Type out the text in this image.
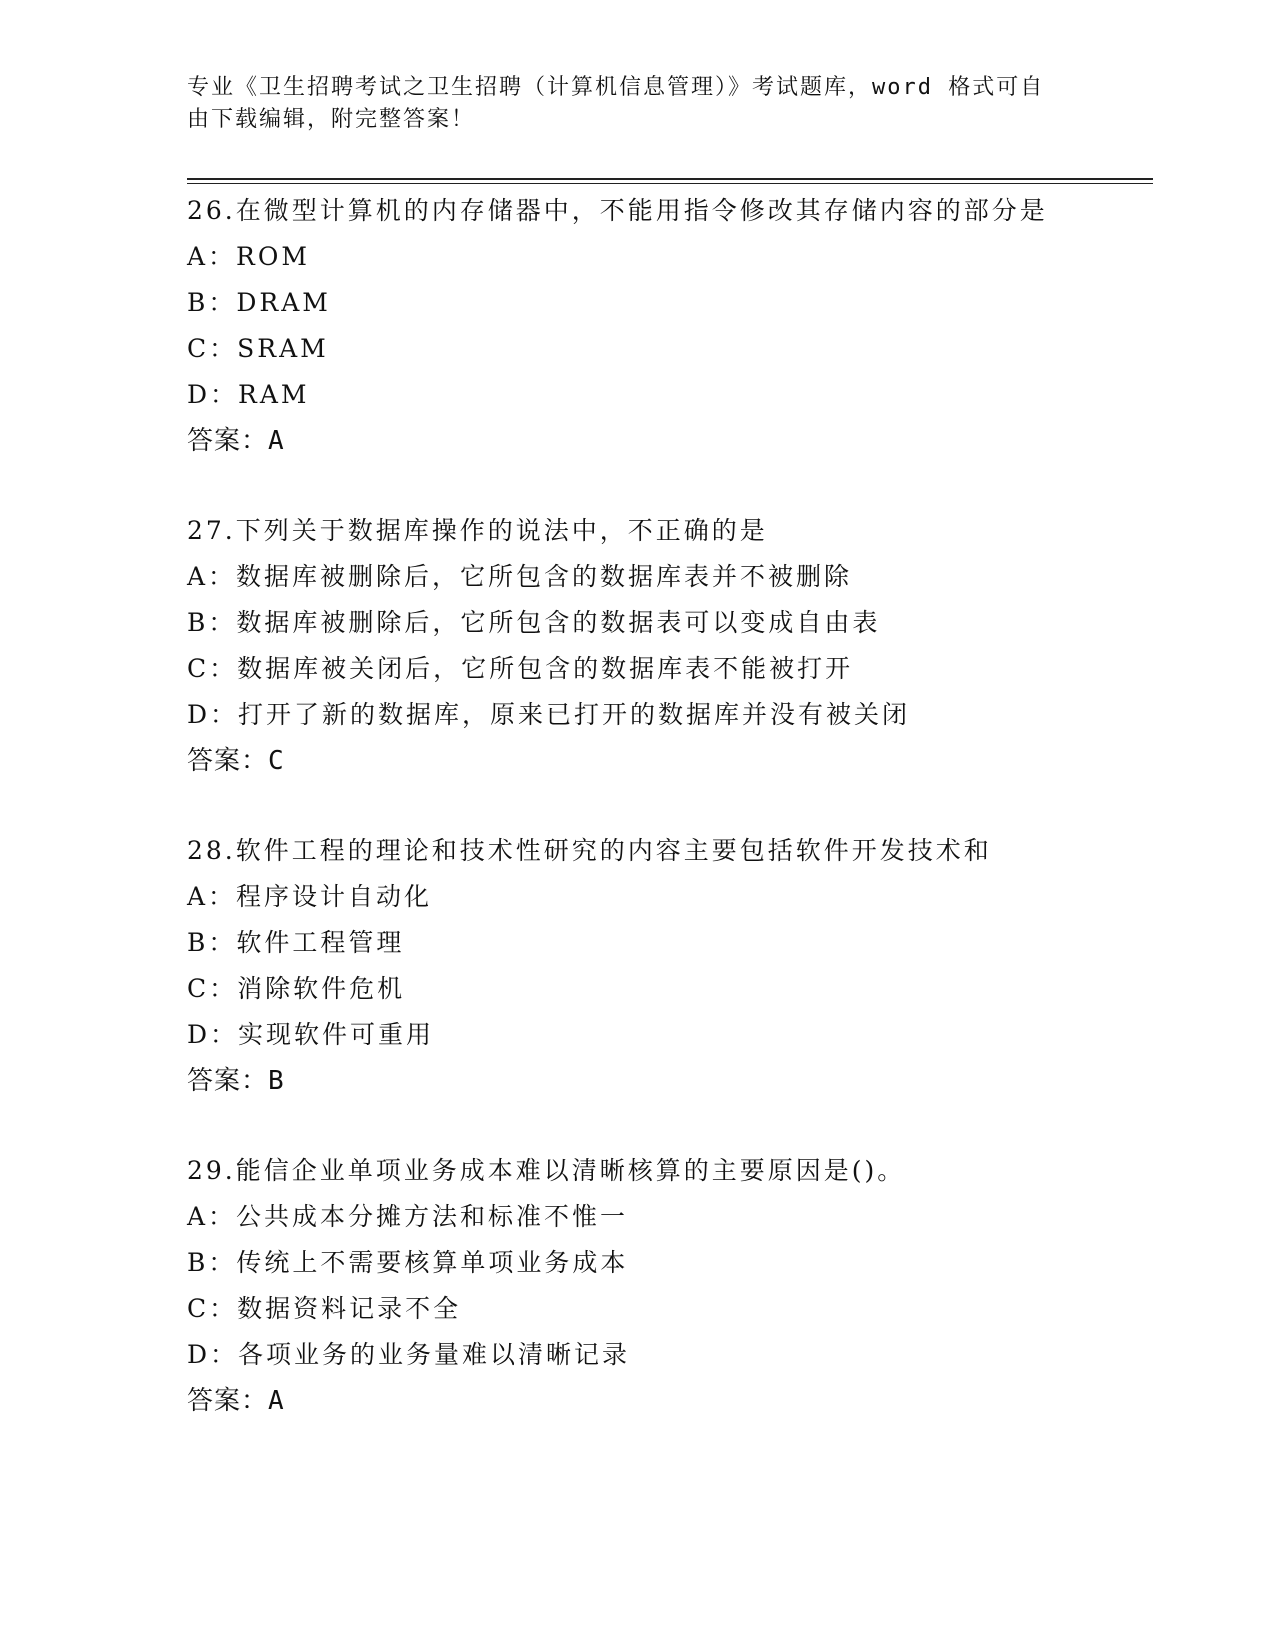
专业《卫生招聘考试之卫生招聘（计算机信息管理）》考试题库，word 格式可自
由下载编辑，附完整答案！
26.在微型计算机的内存储器中，不能用指令修改其存储内容的部分是
A：ROM
B：DRAM
C：SRAM
D：RAM
答案：A
27.下列关于数据库操作的说法中，不正确的是
A：数据库被删除后，它所包含的数据库表并不被删除
B：数据库被删除后，它所包含的数据表可以变成自由表
C：数据库被关闭后，它所包含的数据库表不能被打开
D：打开了新的数据库，原来已打开的数据库并没有被关闭
答案：C
28.软件工程的理论和技术性研究的内容主要包括软件开发技术和
A：程序设计自动化
B：软件工程管理
C：消除软件危机
D：实现软件可重用
答案：B
29.能信企业单项业务成本难以清晰核算的主要原因是()。
A：公共成本分摊方法和标准不惟一
B：传统上不需要核算单项业务成本
C：数据资料记录不全
D：各项业务的业务量难以清晰记录
答案：A
